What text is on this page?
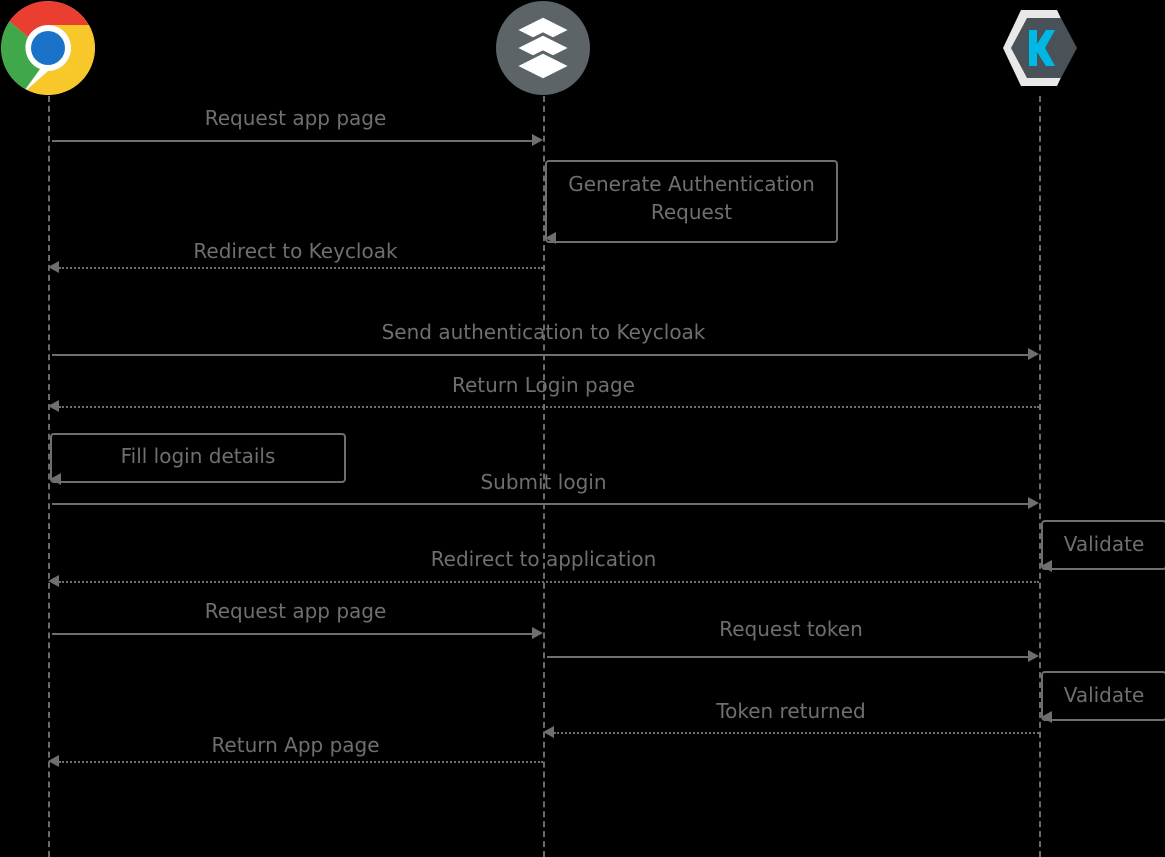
Request app page
Generate Authentication Request
Redirect to Keycloak
Send authentication to Keycloak
Return Login page
Fill login details
Submit login
Validate
Redirect to application
Request app page
Request token
Validate
Token returned
Return App page
